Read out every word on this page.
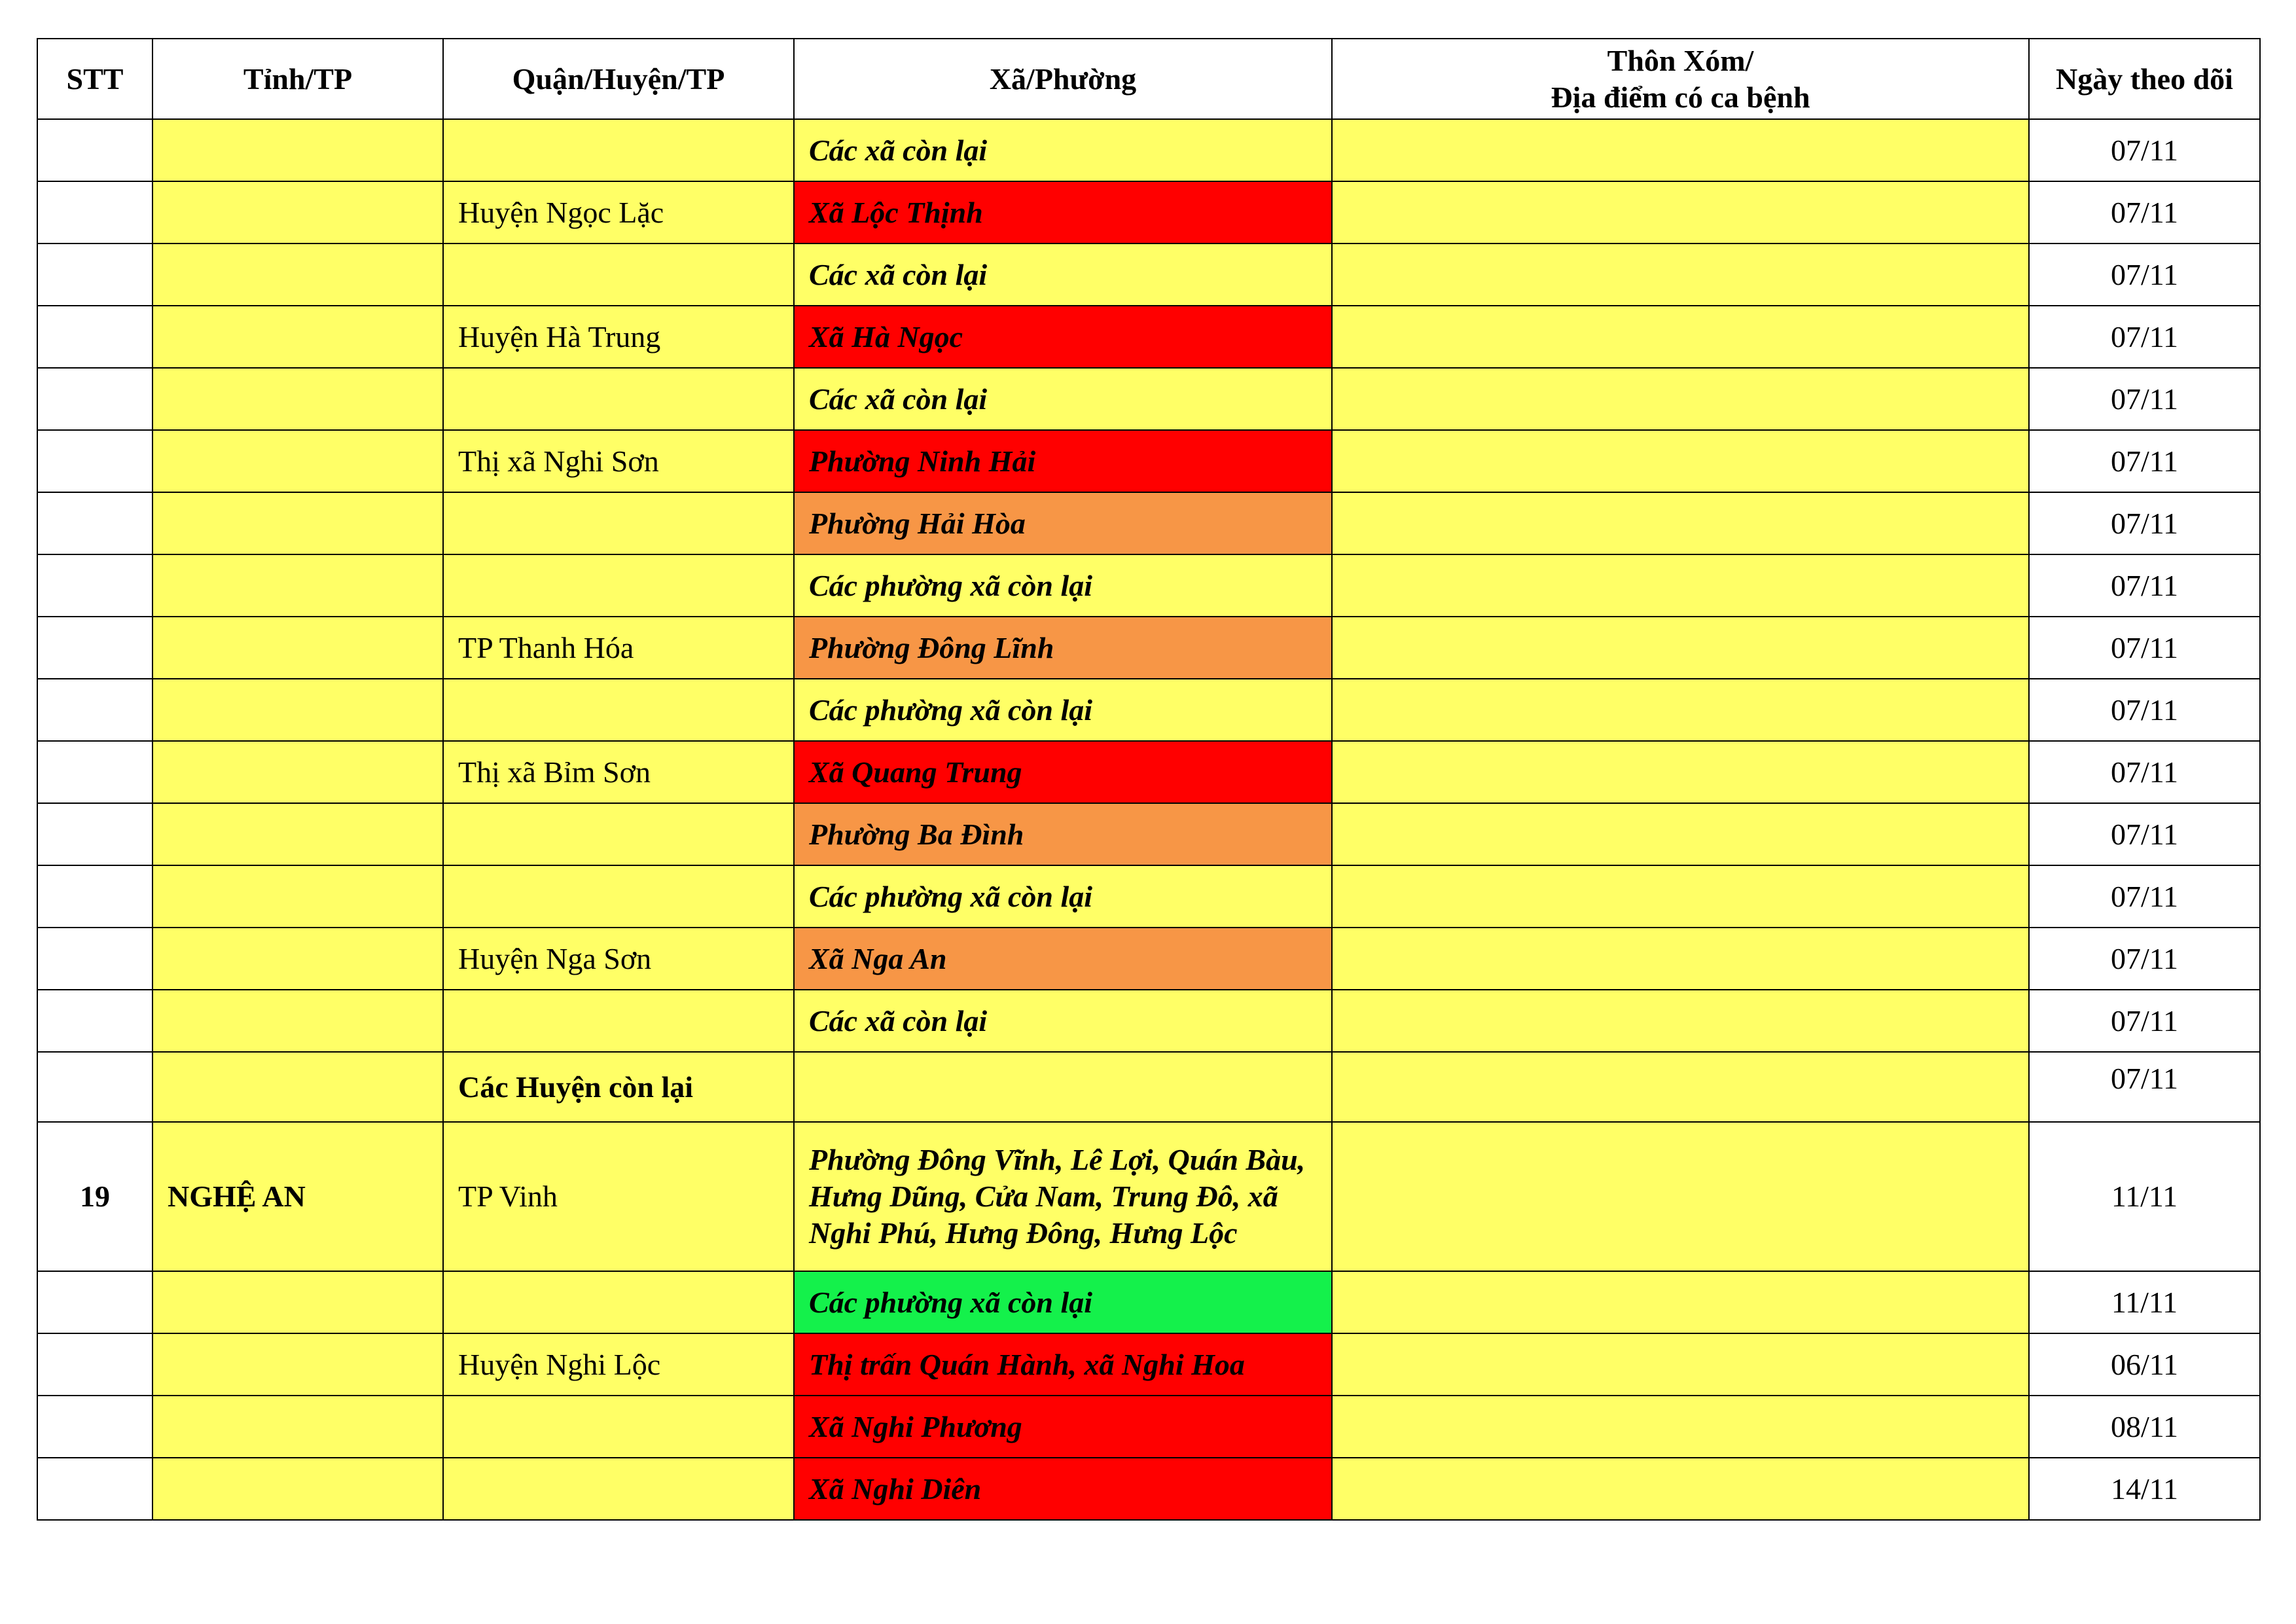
STT	Tỉnh/TP	Quận/Huyện/TP	Xã/Phường	Thôn Xóm/
Địa điểm có ca bệnh	Ngày theo dõi
			Các xã còn lại		07/11
		Huyện Ngọc Lặc	Xã Lộc Thịnh		07/11
			Các xã còn lại		07/11
		Huyện Hà Trung	Xã Hà Ngọc		07/11
			Các xã còn lại		07/11
		Thị xã Nghi Sơn	Phường Ninh Hải		07/11
			Phường Hải Hòa		07/11
			Các phường xã còn lại		07/11
		TP Thanh Hóa	Phường Đông Lĩnh		07/11
			Các phường xã còn lại		07/11
		Thị xã Bỉm Sơn	Xã Quang Trung		07/11
			Phường Ba Đình		07/11
			Các phường xã còn lại		07/11
		Huyện Nga Sơn	Xã Nga An		07/11
			Các xã còn lại		07/11
		Các Huyện còn lại			07/11
19	NGHỆ AN	TP Vinh	Phường Đông Vĩnh, Lê Lợi, Quán Bàu, Hưng Dũng, Cửa Nam, Trung Đô, xã Nghi Phú, Hưng Đông, Hưng Lộc		11/11
			Các phường xã còn lại		11/11
		Huyện Nghi Lộc	Thị trấn Quán Hành, xã Nghi Hoa		06/11
			Xã Nghi Phương		08/11
			Xã Nghi Diên		14/11
